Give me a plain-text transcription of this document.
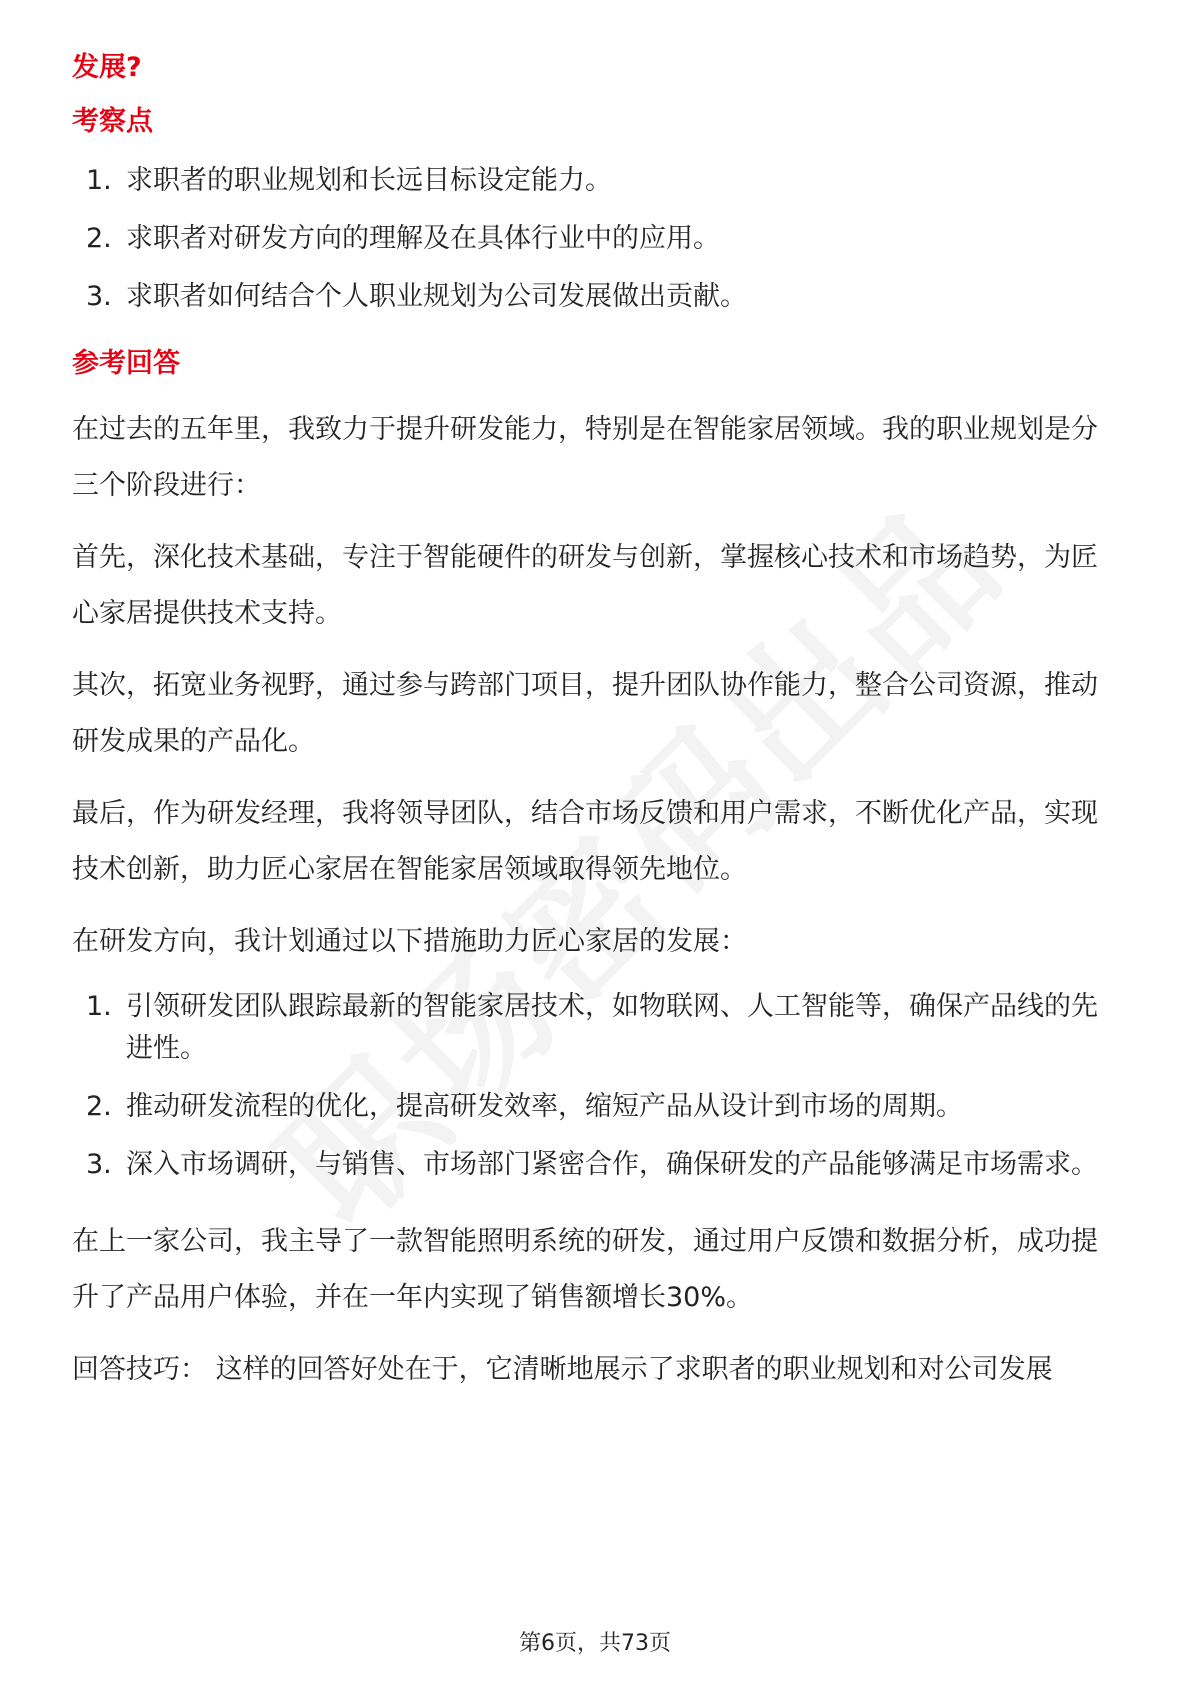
发展?

考察点

1. 求职者的职业规划和长远目标设定能力。
2. 求职者对研发方向的理解及在具体行业中的应用。
3. 求职者如何结合个人职业规划为公司发展做出贡献。

参考回答

在过去的五年里，我致力于提升研发能力，特别是在智能家居领域。我的职业规划是分三个阶段进行：

首先，深化技术基础，专注于智能硬件的研发与创新，掌握核心技术和市场趋势，为匠心家居提供技术支持。

其次，拓宽业务视野，通过参与跨部门项目，提升团队协作能力，整合公司资源，推动研发成果的产品化。

最后，作为研发经理，我将领导团队，结合市场反馈和用户需求，不断优化产品，实现技术创新，助力匠心家居在智能家居领域取得领先地位。

在研发方向，我计划通过以下措施助力匠心家居的发展：

1. 引领研发团队跟踪最新的智能家居技术，如物联网、人工智能等，确保产品线的先进性。
2. 推动研发流程的优化，提高研发效率，缩短产品从设计到市场的周期。
3. 深入市场调研，与销售、市场部门紧密合作，确保研发的产品能够满足市场需求。

在上一家公司，我主导了一款智能照明系统的研发，通过用户反馈和数据分析，成功提升了产品用户体验，并在一年内实现了销售额增长30%。

回答技巧： 这样的回答好处在于，它清晰地展示了求职者的职业规划和对公司发展

第6页，共73页
